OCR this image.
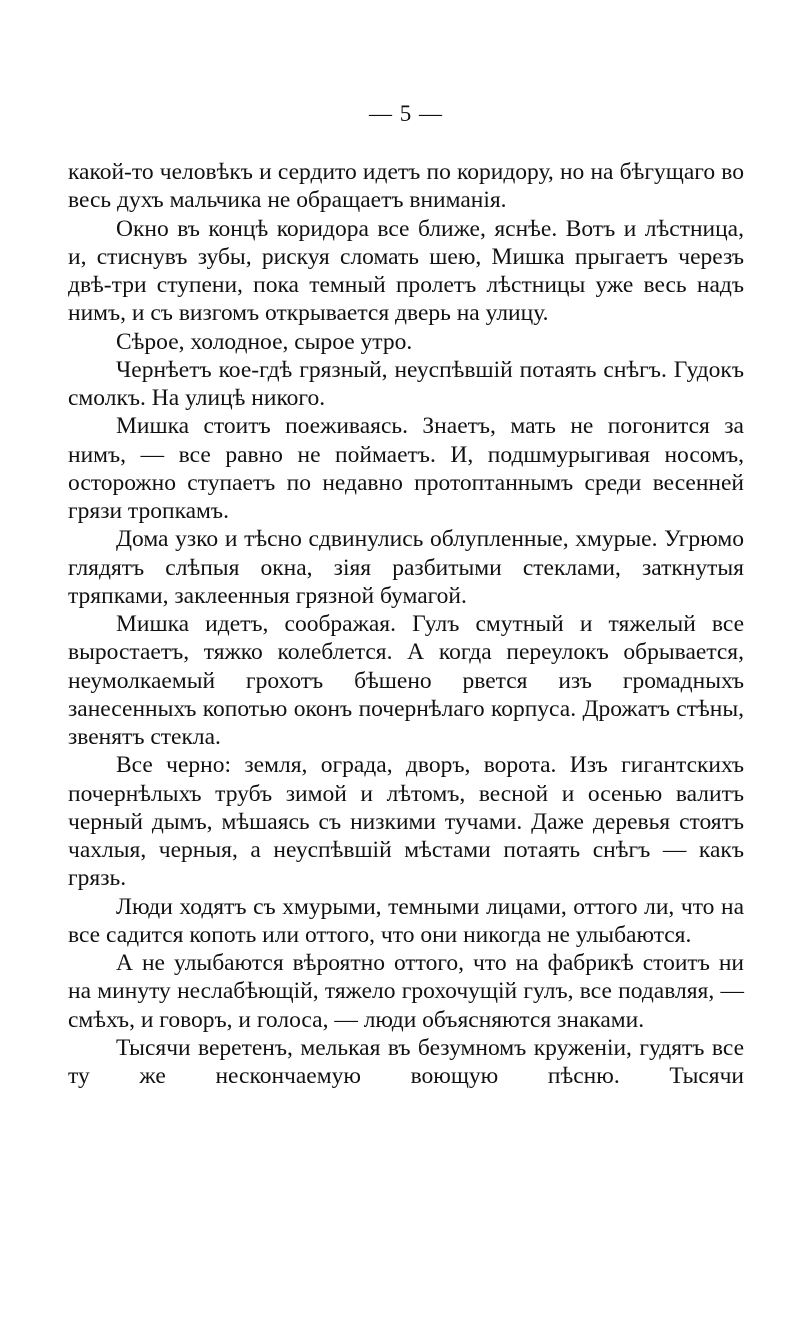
— 5 —

какой-то человѣкъ и сердито идетъ по коридору, но на бѣгущаго во весь духъ мальчика не обращаетъ вниманія.

Окно въ концѣ коридора все ближе, яснѣе. Вотъ и лѣстница, и, стиснувъ зубы, рискуя сломать шею, Мишка прыгаетъ черезъ двѣ-три ступени, пока темный пролетъ лѣстницы уже весь надъ нимъ, и съ визгомъ открывается дверь на улицу.

Сѣрое, холодное, сырое утро.

Чернѣетъ кое-гдѣ грязный, неуспѣвшій потаять снѣгъ. Гудокъ смолкъ. На улицѣ никого.

Мишка стоитъ поеживаясь. Знаетъ, мать не погонится за нимъ, — все равно не поймаетъ. И, подшмурыгивая носомъ, осторожно ступаетъ по недавно протоптаннымъ среди весенней грязи тропкамъ.

Дома узко и тѣсно сдвинулись облупленные, хмурые. Угрюмо глядятъ слѣпыя окна, зіяя разбитыми стеклами, заткнутыя тряпками, заклеенныя грязной бумагой.

Мишка идетъ, соображая. Гулъ смутный и тяжелый все выростаетъ, тяжко колеблется. А когда переулокъ обрывается, неумолкаемый грохотъ бѣшено рвется изъ громадныхъ занесенныхъ копотью оконъ почернѣлаго корпуса. Дрожатъ стѣны, звенятъ стекла.

Все черно: земля, ограда, дворъ, ворота. Изъ гигантскихъ почернѣлыхъ трубъ зимой и лѣтомъ, весной и осенью валитъ черный дымъ, мѣшаясь съ низкими тучами. Даже деревья стоятъ чахлыя, черныя, а неуспѣвшій мѣстами потаять снѣгъ — какъ грязь.

Люди ходятъ съ хмурыми, темными лицами, оттого ли, что на все садится копоть или оттого, что они никогда не улыбаются.

А не улыбаются вѣроятно оттого, что на фабрикѣ стоитъ ни на минуту неслабѣющій, тяжело грохочущій гулъ, все подавляя, — смѣхъ, и говоръ, и голоса, — люди объясняются знаками.

Тысячи веретенъ, мелькая въ безумномъ круженіи, гудятъ все ту же нескончаемую воющую пѣсню. Тысячи
